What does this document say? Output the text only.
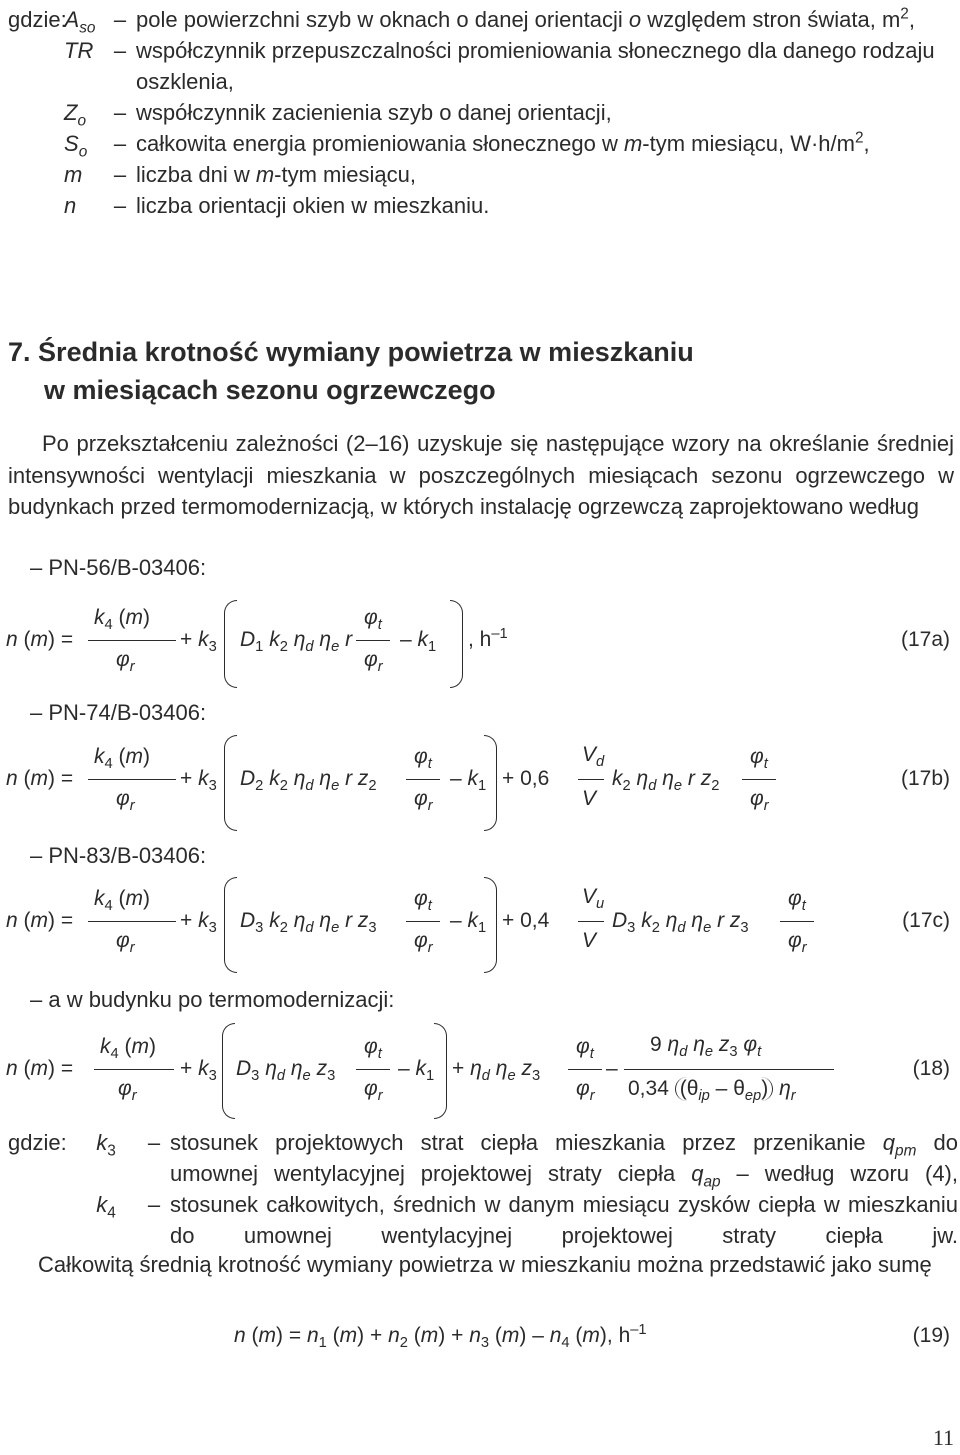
gdzie:
$A_{so}$ – pole powierzchni szyb w oknach o danej orientacji o względem stron świata, $m^2$,
TR – współczynnik przepuszczalności promieniowania słonecznego dla danego rodzaju oszklenia,
$Z_o$	– współczynnik zacienienia szyb o danej orientacji,
$S_o$	– całkowita energia promieniowania słonecznego w m-tym miesiącu, $W\cdot h/m^2$,
m	– liczba dni w m-tym miesiącu,
n	– liczba orientacji okien w mieszkaniu.
7. Średnia krotność wymiany powietrza w mieszkaniu
w miesiącach sezonu ogrzewczego
Po przekształceniu zależności (2–16) uzyskuje się następujące wzory na określanie średniej intensywności wentylacji mieszkania w poszczególnych miesiącach sezonu ogrzewczego w budynkach przed termomodernizacją, w których instalację ogrzewczą zaprojektowano według
– PN-56/B-03406:
n (m) =
$k_4$ (m)
$\varphi_r$
+ $k_3$ $D_1$ $k_2$ $\eta_d$ $\eta_e$ r
$\varphi_t$
$\varphi_r$
– $k_1$ , $h^{-1}$	(17a)
– PN-74/B-03406:
n (m) =
$k_4$ (m)
$\varphi_r$
+ $k_3$ $D_2$ $k_2$ $\eta_d$ $\eta_e$ r $z_2$
$\varphi_t$
$\varphi_r$
– $k_1 + 0,6$
$V_d$
V
$k_2$ $\eta_d$ $\eta_e$ r $z_2$
$\varphi_t$
$\varphi_r$
(17b)
– PN-83/B-03406:
n (m) =
$k_4$ (m)
$\varphi_r$
+ $k_3$ $D_3$ $k_2$ $\eta_d$ $\eta_e$ r $z_3$
$\varphi_t$
$\varphi_r$
– $k_1 + 0,4$
$V_u$
V
$D_3$ $k_2$ $\eta_d$ $\eta_e$ r $z_3$
$\varphi_t$
$\varphi_r$
(17c)
– a w budynku po termomodernizacji:
n (m) =
$k_4$ (m)
$\varphi_r$
+ $k_3$ $D_3$ $\eta_d$ $\eta_e$ $z_3$
$\varphi_t$
$\varphi_r$
– $k_1 + \eta_d$ $\eta_e$ $z_3$
$\varphi_t$
$\varphi_r$
–
9 $\eta_d$ $\eta_e$ $z_3$ $\varphi_t$
0,34 $(\theta_{ip} - \theta_{ep})$ $\eta_r$
(18)
gdzie:	$k_3$	– stosunek projektowych strat ciepła mieszkania przez przenikanie $q_{pm}$ do umownej wentylacyjnej projektowej straty ciepła $q_{ap}$ – według wzoru (4),
$k_4$	– stosunek całkowitych, średnich w danym miesiącu zysków ciepła w mieszkaniu do umownej wentylacyjnej projektowej straty ciepła jw.
Całkowitą średnią krotność wymiany powietrza w mieszkaniu można przedstawić jako sumę
n $(m) = n_1$ $(m) + n_2$ $(m) + n_3$ $(m) - n_4$ (m), $h^{-1}$	(19)
11
